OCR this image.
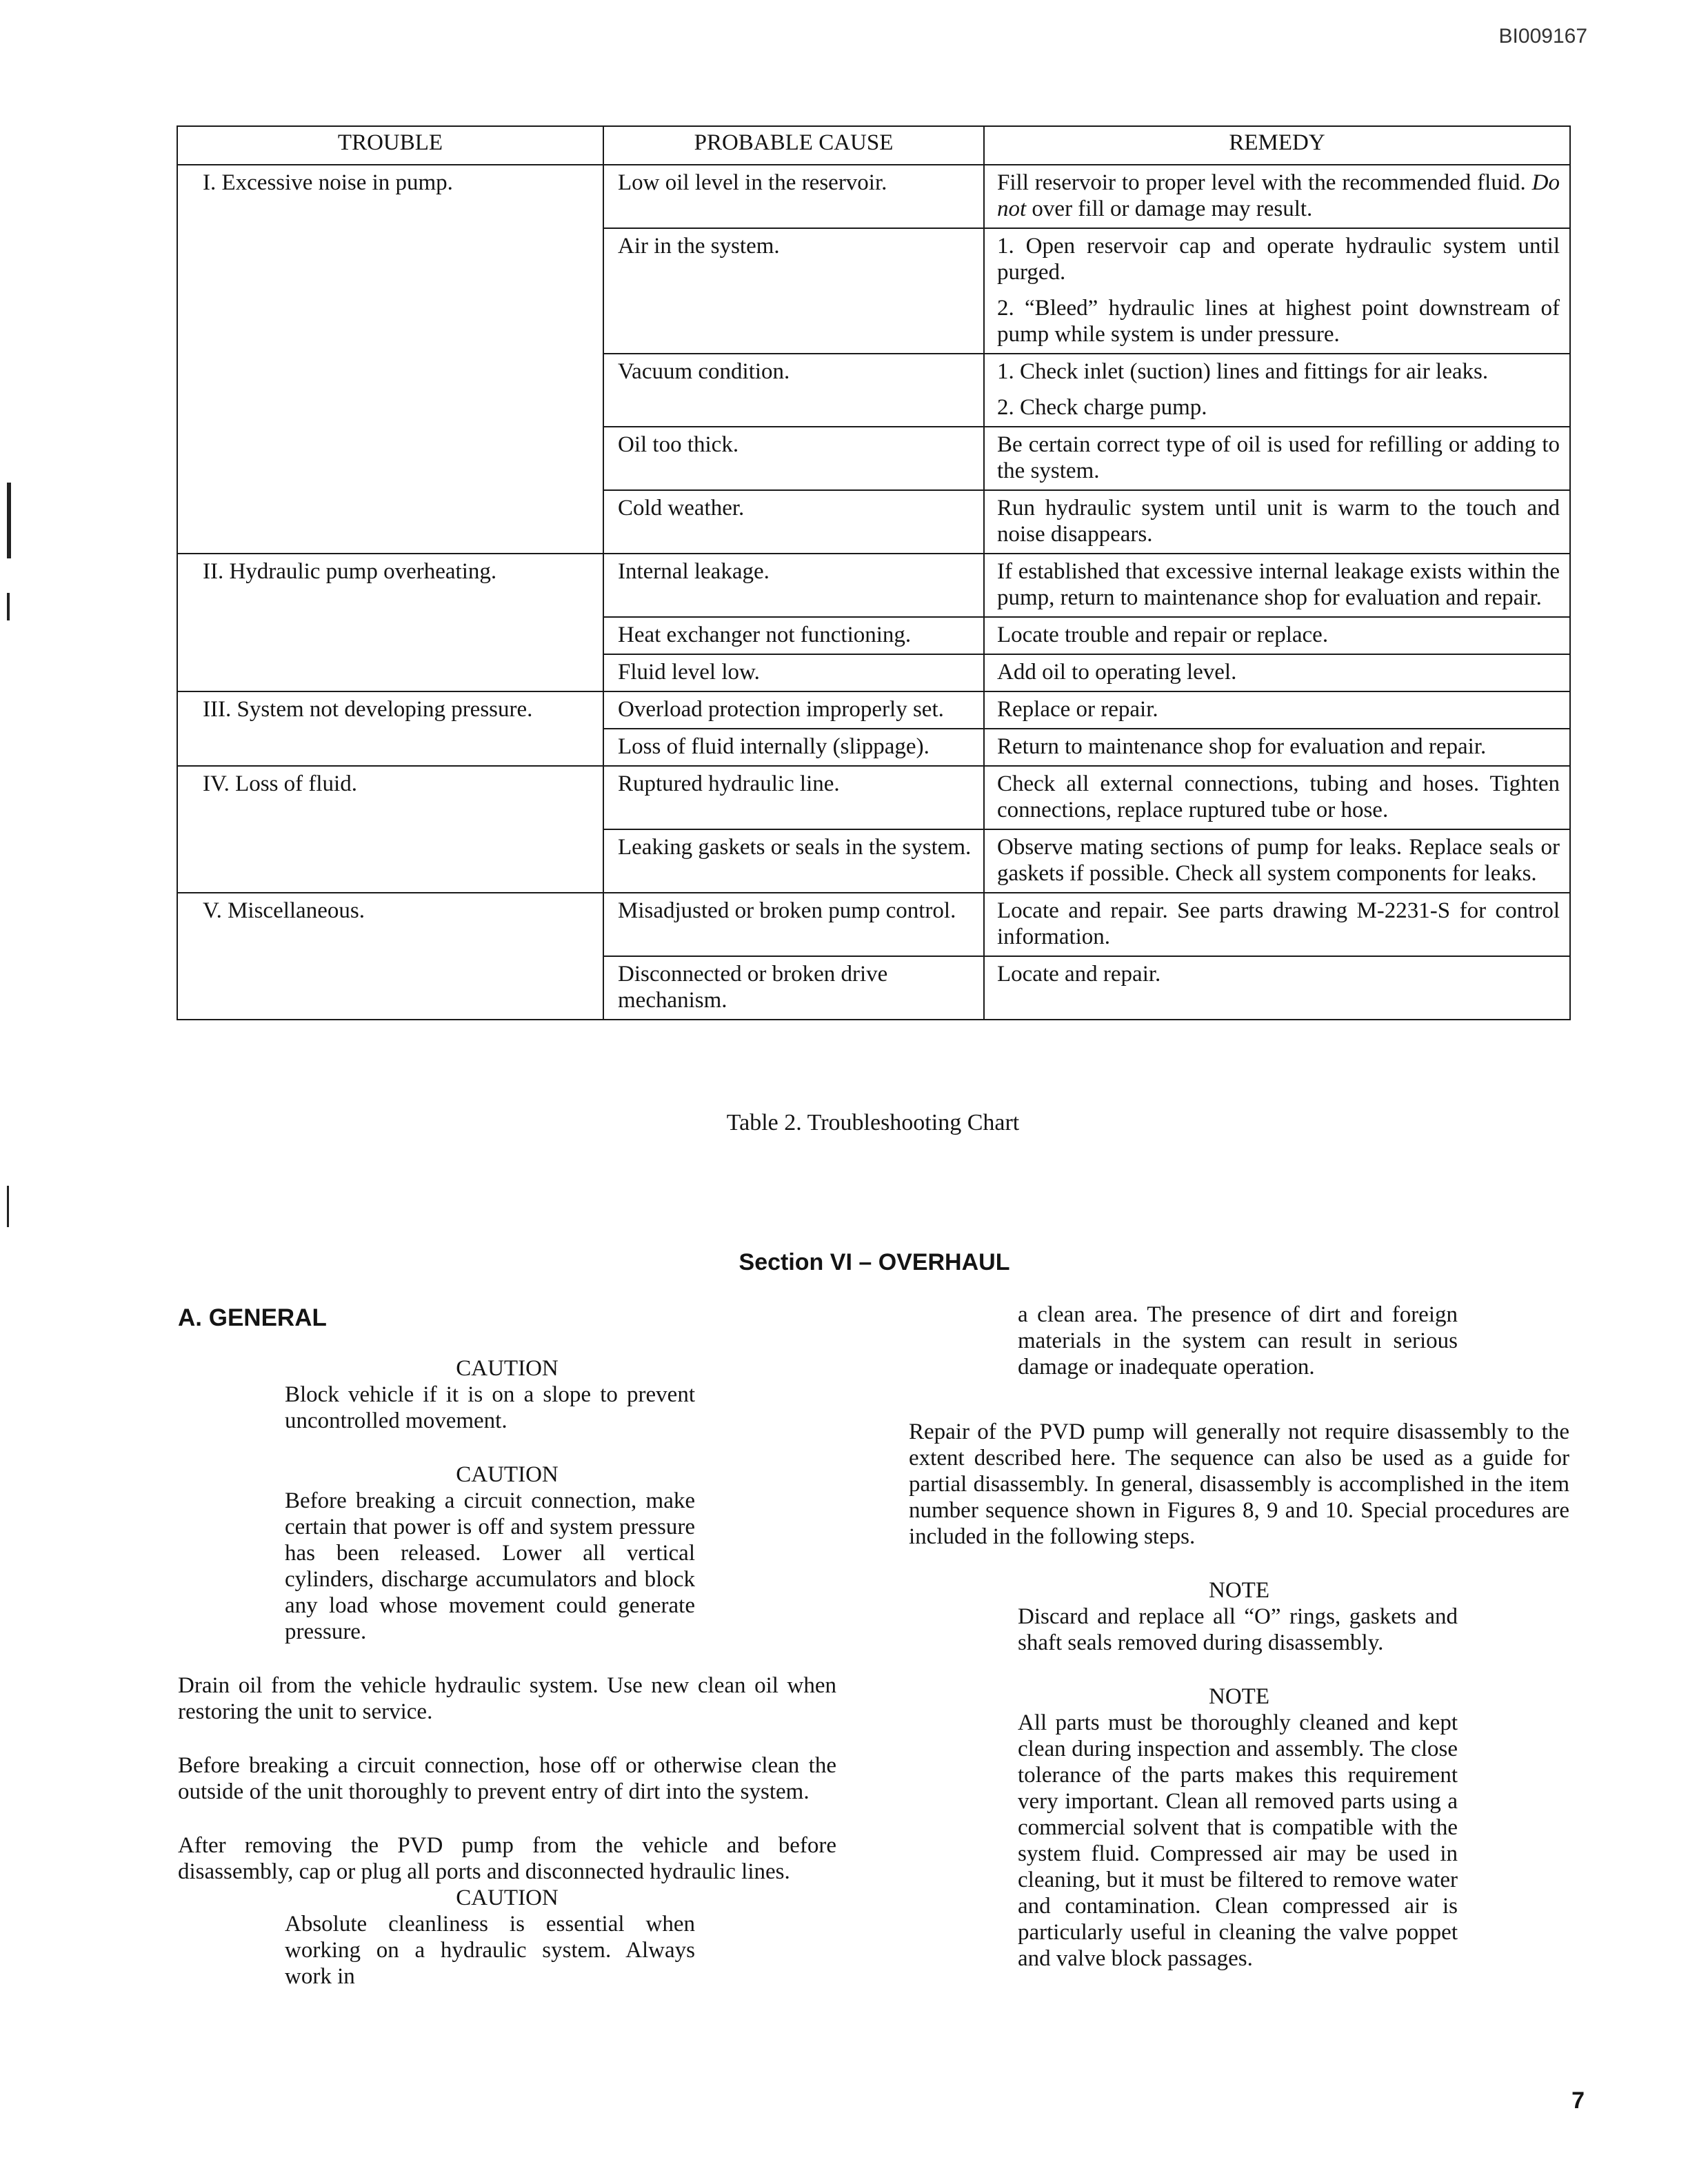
BI009167
TROUBLE	PROBABLE CAUSE	REMEDY
I. Excessive noise in pump.	Low oil level in the reservoir.	Fill reservoir to proper level with the recommended fluid. Do not over fill or damage may result.

	Air in the system.	1. Open reservoir cap and operate hydraulic system until purged.
2. “Bleed” hydraulic lines at highest point downstream of pump while system is under pressure.

	Vacuum condition.	1. Check inlet (suction) lines and fittings for air leaks.
2. Check charge pump.

	Oil too thick.	Be certain correct type of oil is used for refilling or adding to the system.

	Cold weather.	Run hydraulic system until unit is warm to the touch and noise disappears.

II. Hydraulic pump overheating.	Internal leakage.	If established that excessive internal leakage exists within the pump, return to maintenance shop for evaluation and repair.

	Heat exchanger not functioning.	Locate trouble and repair or replace.

	Fluid level low.	Add oil to operating level.

III. System not developing pressure.	Overload protection improperly set.	Replace or repair.

	Loss of fluid internally (slippage).	Return to maintenance shop for evaluation and repair.

IV. Loss of fluid.	Ruptured hydraulic line.	Check all external connections, tubing and hoses. Tighten connections, replace ruptured tube or hose.

	Leaking gaskets or seals in the system.	Observe mating sections of pump for leaks. Replace seals or gaskets if possible. Check all system components for leaks.

V. Miscellaneous.	Misadjusted or broken pump control.	Locate and repair. See parts drawing M-2231-S for control information.

	Disconnected or broken drive mechanism.	Locate and repair.
Table 2. Troubleshooting Chart
Section VI – OVERHAUL
A. GENERAL

CAUTION

Block vehicle if it is on a slope to prevent uncontrolled movement.

CAUTION

Before breaking a circuit connection, make certain that power is off and system pressure has been released. Lower all vertical cylinders, discharge accumulators and block any load whose movement could generate pressure.

Drain oil from the vehicle hydraulic system. Use new clean oil when restoring the unit to service.

Before breaking a circuit connection, hose off or otherwise clean the outside of the unit thoroughly to prevent entry of dirt into the system.

After removing the PVD pump from the vehicle and before disassembly, cap or plug all ports and disconnected hydraulic lines.

CAUTION

Absolute cleanliness is essential when working on a hydraulic system. Always work in

a clean area. The presence of dirt and foreign materials in the system can result in serious damage or inadequate operation.

Repair of the PVD pump will generally not require disassembly to the extent described here. The sequence can also be used as a guide for partial disassembly. In general, disassembly is accomplished in the item number sequence shown in Figures 8, 9 and 10. Special procedures are included in the following steps.

NOTE

Discard and replace all “O” rings, gaskets and shaft seals removed during disassembly.

NOTE

All parts must be thoroughly cleaned and kept clean during inspection and assembly. The close tolerance of the parts makes this requirement very important. Clean all removed parts using a commercial solvent that is compatible with the system fluid. Compressed air may be used in cleaning, but it must be filtered to remove water and contamination. Clean compressed air is particularly useful in cleaning the valve poppet and valve block passages.

7
